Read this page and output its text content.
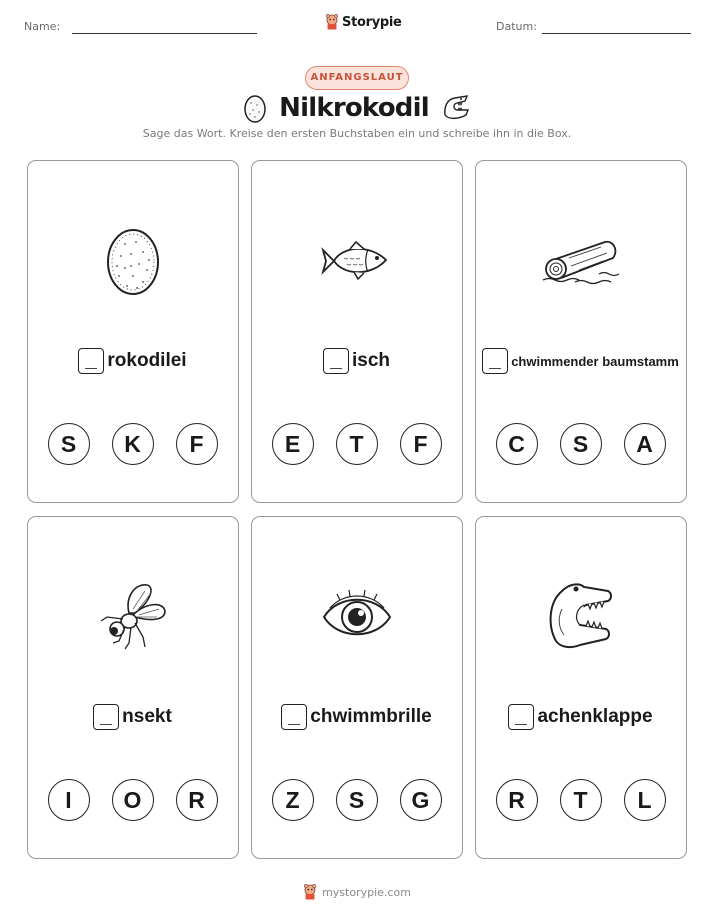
Name:	Datum:
Storypie
ANFANGSLAUT
Nilkrokodil
Sage das Wort. Kreise den ersten Buchstaben ein und schreibe ihn in die Box.
rokodilei
S	K	F
isch
E	T	F
chwimmender baumstamm
C	S	A
nsekt
I	O	R
chwimmbrille
Z	S	G
achenklappe
R	T	L
mystorypie.com
